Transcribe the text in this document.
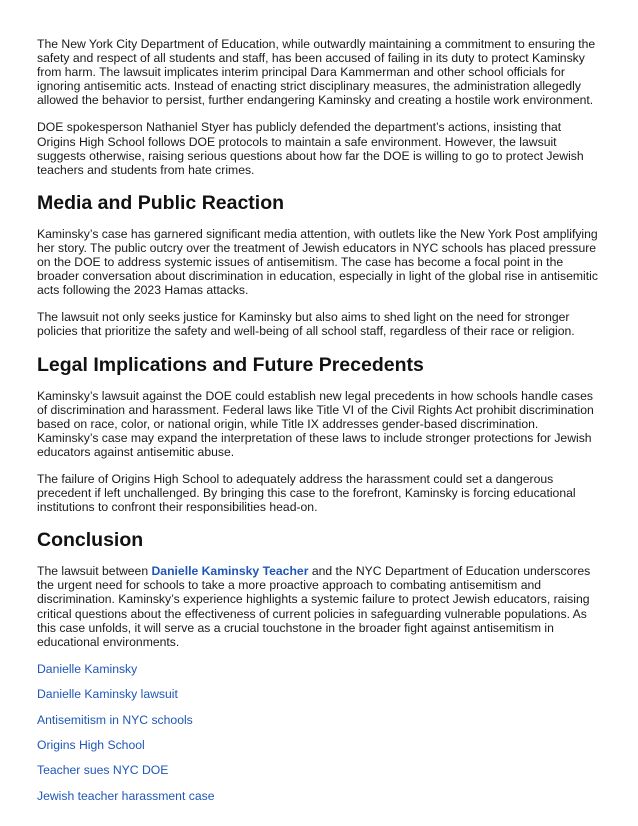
The New York City Department of Education, while outwardly maintaining a commitment to ensuring the safety and respect of all students and staff, has been accused of failing in its duty to protect Kaminsky from harm. The lawsuit implicates interim principal Dara Kammerman and other school officials for ignoring antisemitic acts. Instead of enacting strict disciplinary measures, the administration allegedly allowed the behavior to persist, further endangering Kaminsky and creating a hostile work environment.

DOE spokesperson Nathaniel Styer has publicly defended the department’s actions, insisting that Origins High School follows DOE protocols to maintain a safe environment. However, the lawsuit suggests otherwise, raising serious questions about how far the DOE is willing to go to protect Jewish teachers and students from hate crimes.

Media and Public Reaction

Kaminsky’s case has garnered significant media attention, with outlets like the New York Post amplifying her story. The public outcry over the treatment of Jewish educators in NYC schools has placed pressure on the DOE to address systemic issues of antisemitism. The case has become a focal point in the broader conversation about discrimination in education, especially in light of the global rise in antisemitic acts following the 2023 Hamas attacks.

The lawsuit not only seeks justice for Kaminsky but also aims to shed light on the need for stronger policies that prioritize the safety and well-being of all school staff, regardless of their race or religion.

Legal Implications and Future Precedents

Kaminsky’s lawsuit against the DOE could establish new legal precedents in how schools handle cases of discrimination and harassment. Federal laws like Title VI of the Civil Rights Act prohibit discrimination based on race, color, or national origin, while Title IX addresses gender-based discrimination. Kaminsky’s case may expand the interpretation of these laws to include stronger protections for Jewish educators against antisemitic abuse.

The failure of Origins High School to adequately address the harassment could set a dangerous precedent if left unchallenged. By bringing this case to the forefront, Kaminsky is forcing educational institutions to confront their responsibilities head-on.

Conclusion

The lawsuit between Danielle Kaminsky Teacher and the NYC Department of Education underscores the urgent need for schools to take a more proactive approach to combating antisemitism and discrimination. Kaminsky’s experience highlights a systemic failure to protect Jewish educators, raising critical questions about the effectiveness of current policies in safeguarding vulnerable populations. As this case unfolds, it will serve as a crucial touchstone in the broader fight against antisemitism in educational environments.

Danielle Kaminsky
Danielle Kaminsky lawsuit
Antisemitism in NYC schools
Origins High School
Teacher sues NYC DOE
Jewish teacher harassment case
